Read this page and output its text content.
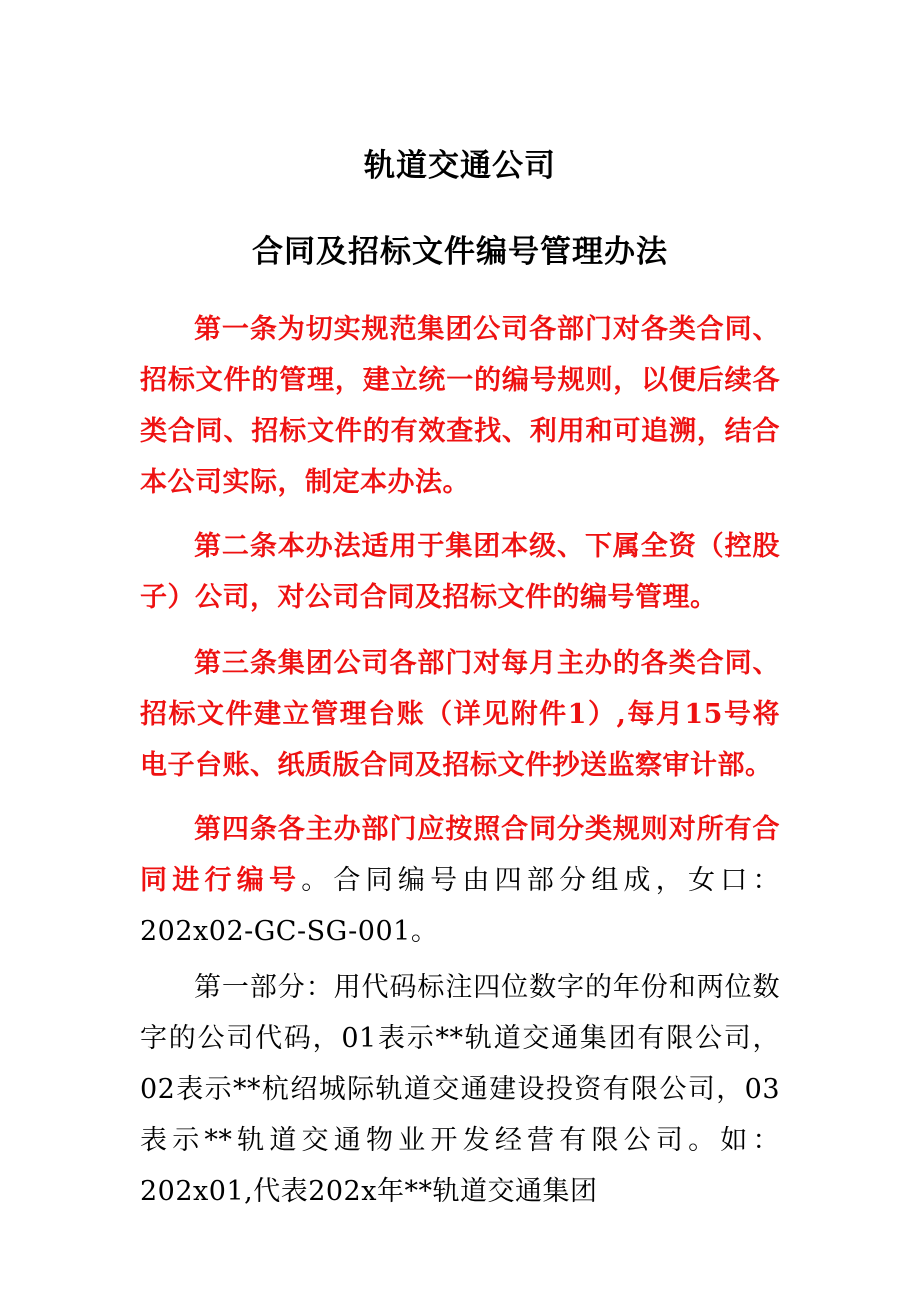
轨道交通公司
合同及招标文件编号管理办法
第一条为切实规范集团公司各部门对各类合同、招标文件的管理，建立统一的编号规则，以便后续各类合同、招标文件的有效查找、利用和可追溯，结合本公司实际，制定本办法。
第二条本办法适用于集团本级、下属全资（控股子）公司，对公司合同及招标文件的编号管理。
第三条集团公司各部门对每月主办的各类合同、招标文件建立管理台账（详见附件1）,每月15号将电子台账、纸质版合同及招标文件抄送监察审计部。
第四条各主办部门应按照合同分类规则对所有合同进行编号。合同编号由四部分组成，女口：202x02-GC-SG-001。
第一部分：用代码标注四位数字的年份和两位数字的公司代码，01表示**轨道交通集团有限公司，02表示**杭绍城际轨道交通建设投资有限公司，03表示**轨道交通物业开发经营有限公司。如：202x01,代表202x年**轨道交通集团
